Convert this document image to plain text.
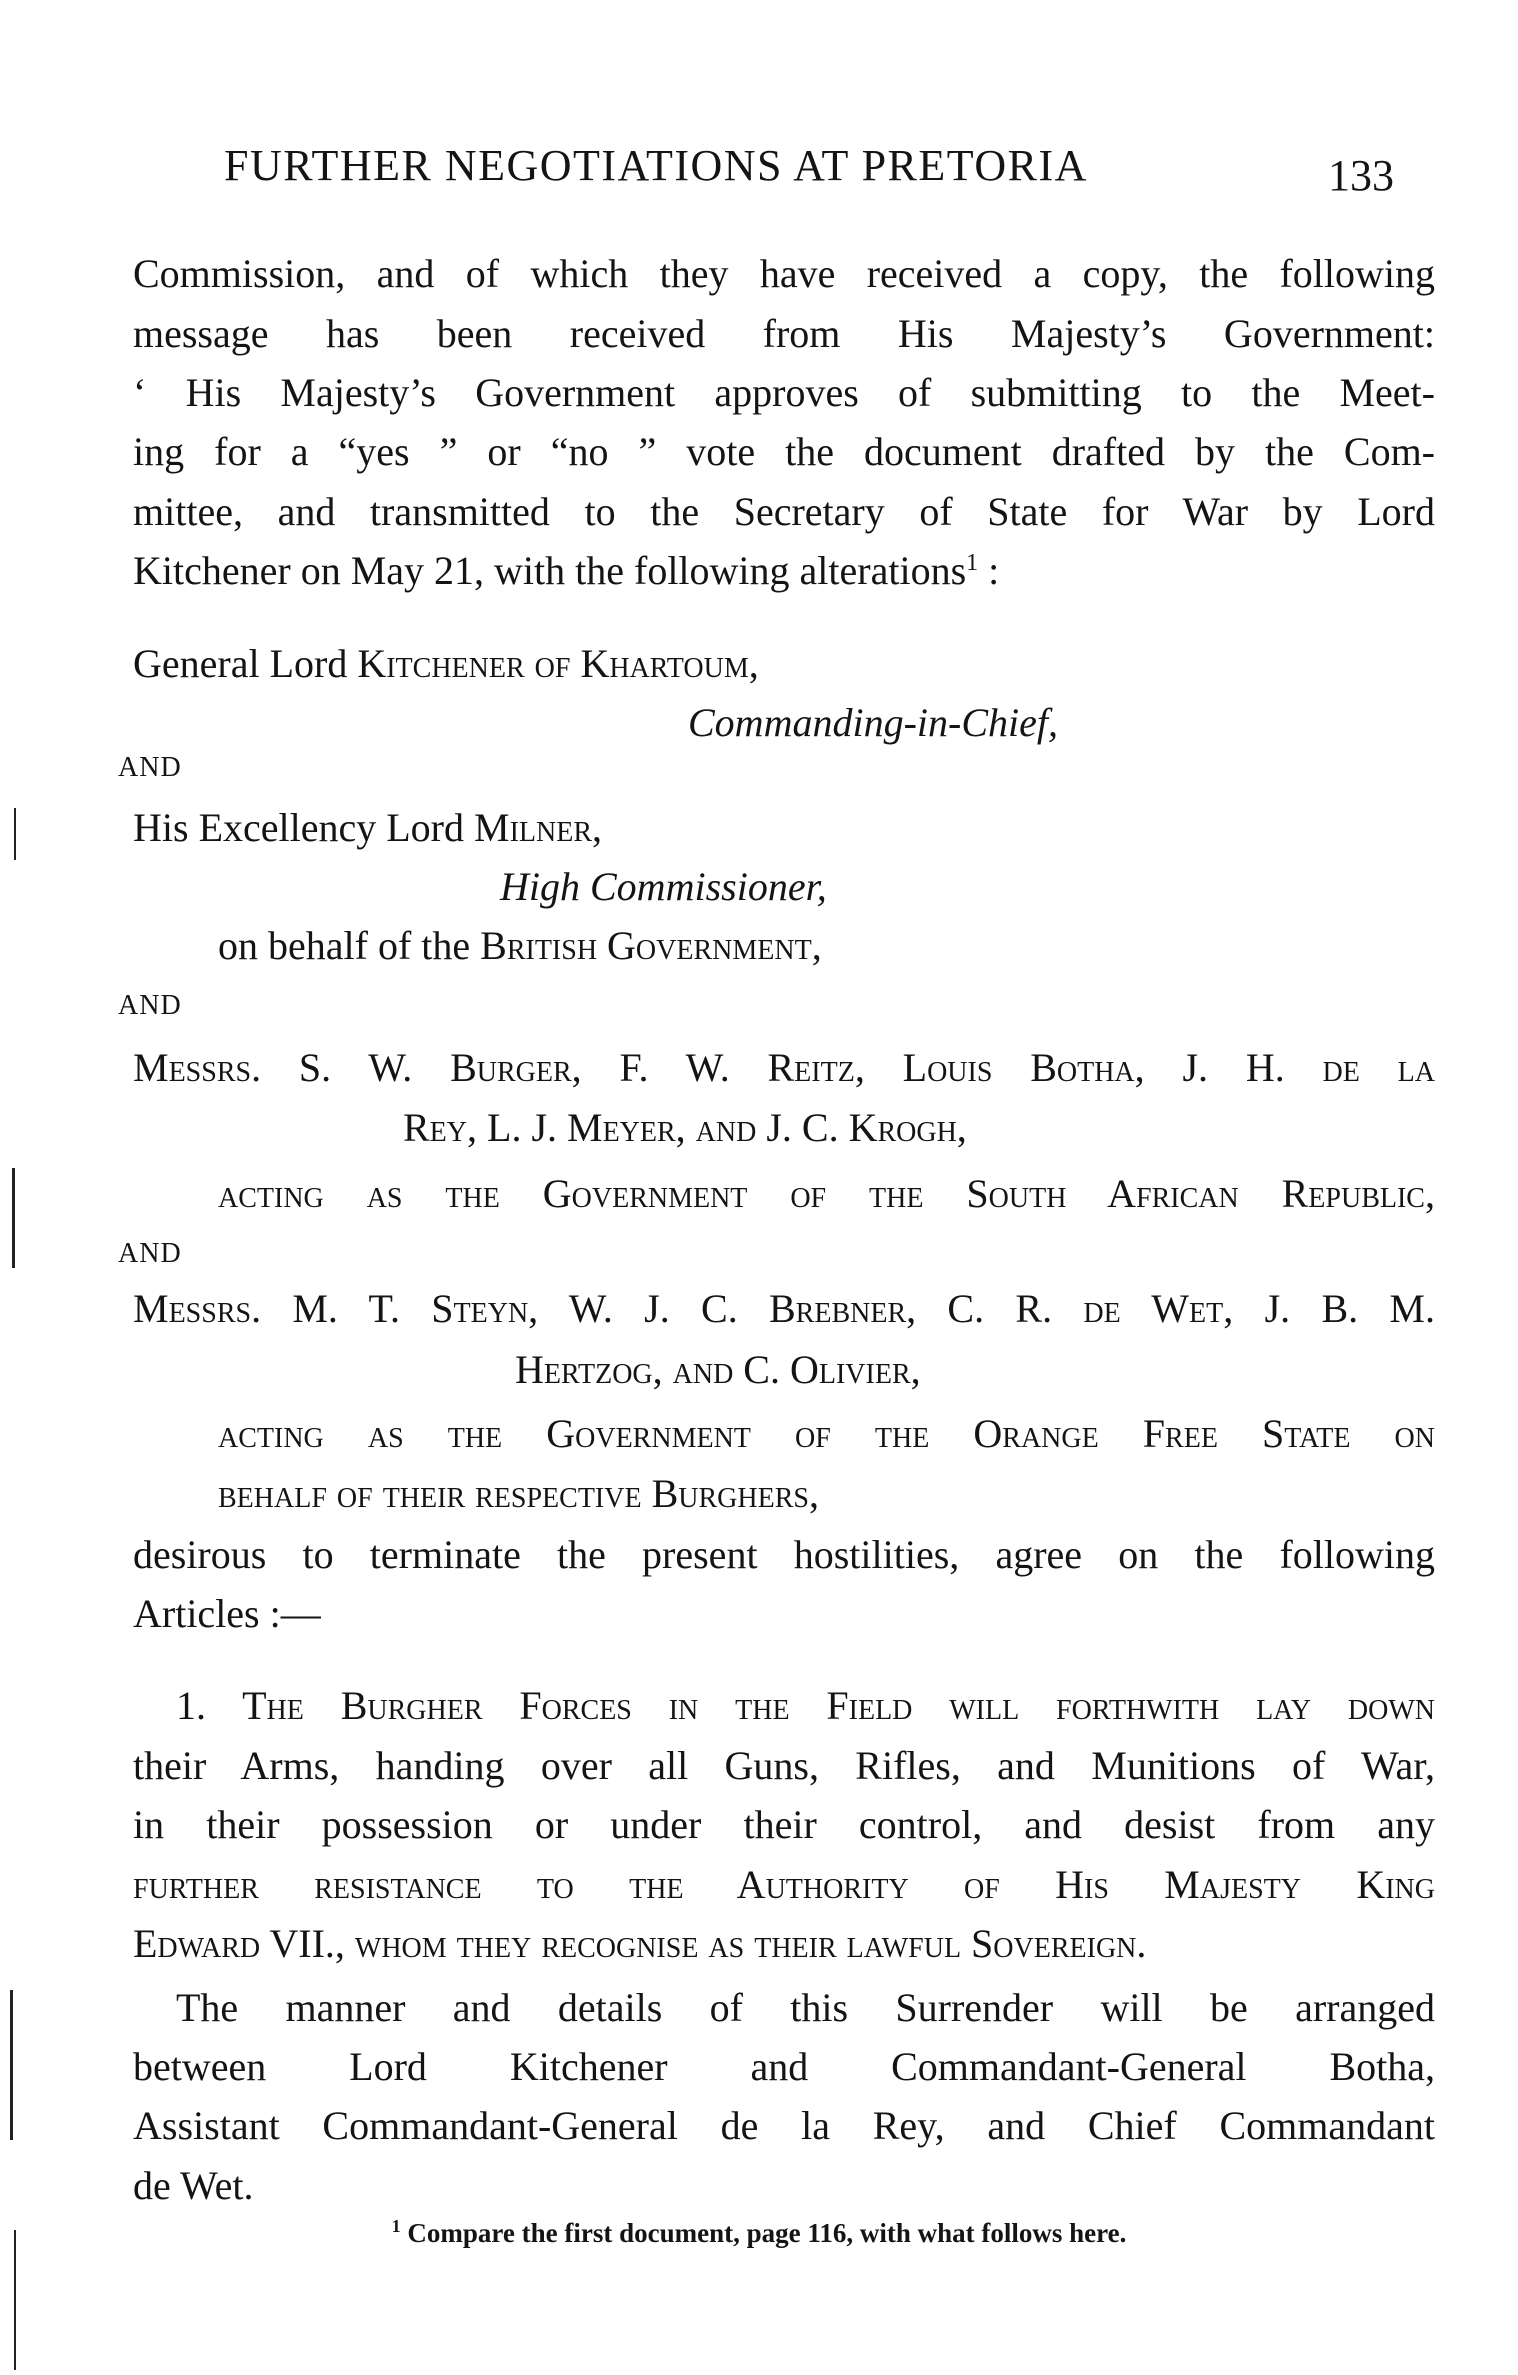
FURTHER NEGOTIATIONS AT PRETORIA	133
Commission, and of which they have received a copy, the following
message has been received from His Majesty’s Government:
‘ His Majesty’s Government approves of submitting to the Meet-
ing for a “yes ” or “no ” vote the document drafted by the Com-
mittee, and transmitted to the Secretary of State for War by Lord
Kitchener on May 21, with the following alterations$^1$ :
General Lord Kitchener of Khartoum,
Commanding-in-Chief,
AND
His Excellency Lord Milner,
High Commissioner,
on behalf of the British Government,
AND
Messrs. S. W. Burger, F. W. Reitz, Louis Botha, J. H. de la
Rey, L. J. Meyer, and J. C. Krogh,
acting as the Government of the South African Republic,
AND
Messrs. M. T. Steyn, W. J. C. Brebner, C. R. de Wet, J. B. M.
Hertzog, and C. Olivier,
acting as the Government of the Orange Free State on
behalf of their respective Burghers,
desirous to terminate the present hostilities, agree on the following
Articles :—
1. The Burgher Forces in the Field will forthwith lay down
their Arms, handing over all Guns, Rifles, and Munitions of War,
in their possession or under their control, and desist from any
further resistance to the Authority of His Majesty King
Edward VII., whom they recognise as their lawful Sovereign.
The manner and details of this Surrender will be arranged
between Lord Kitchener and Commandant-General Botha,
Assistant Commandant-General de la Rey, and Chief Commandant
de Wet.
$^1$ Compare the first document, page 116, with what follows here.
